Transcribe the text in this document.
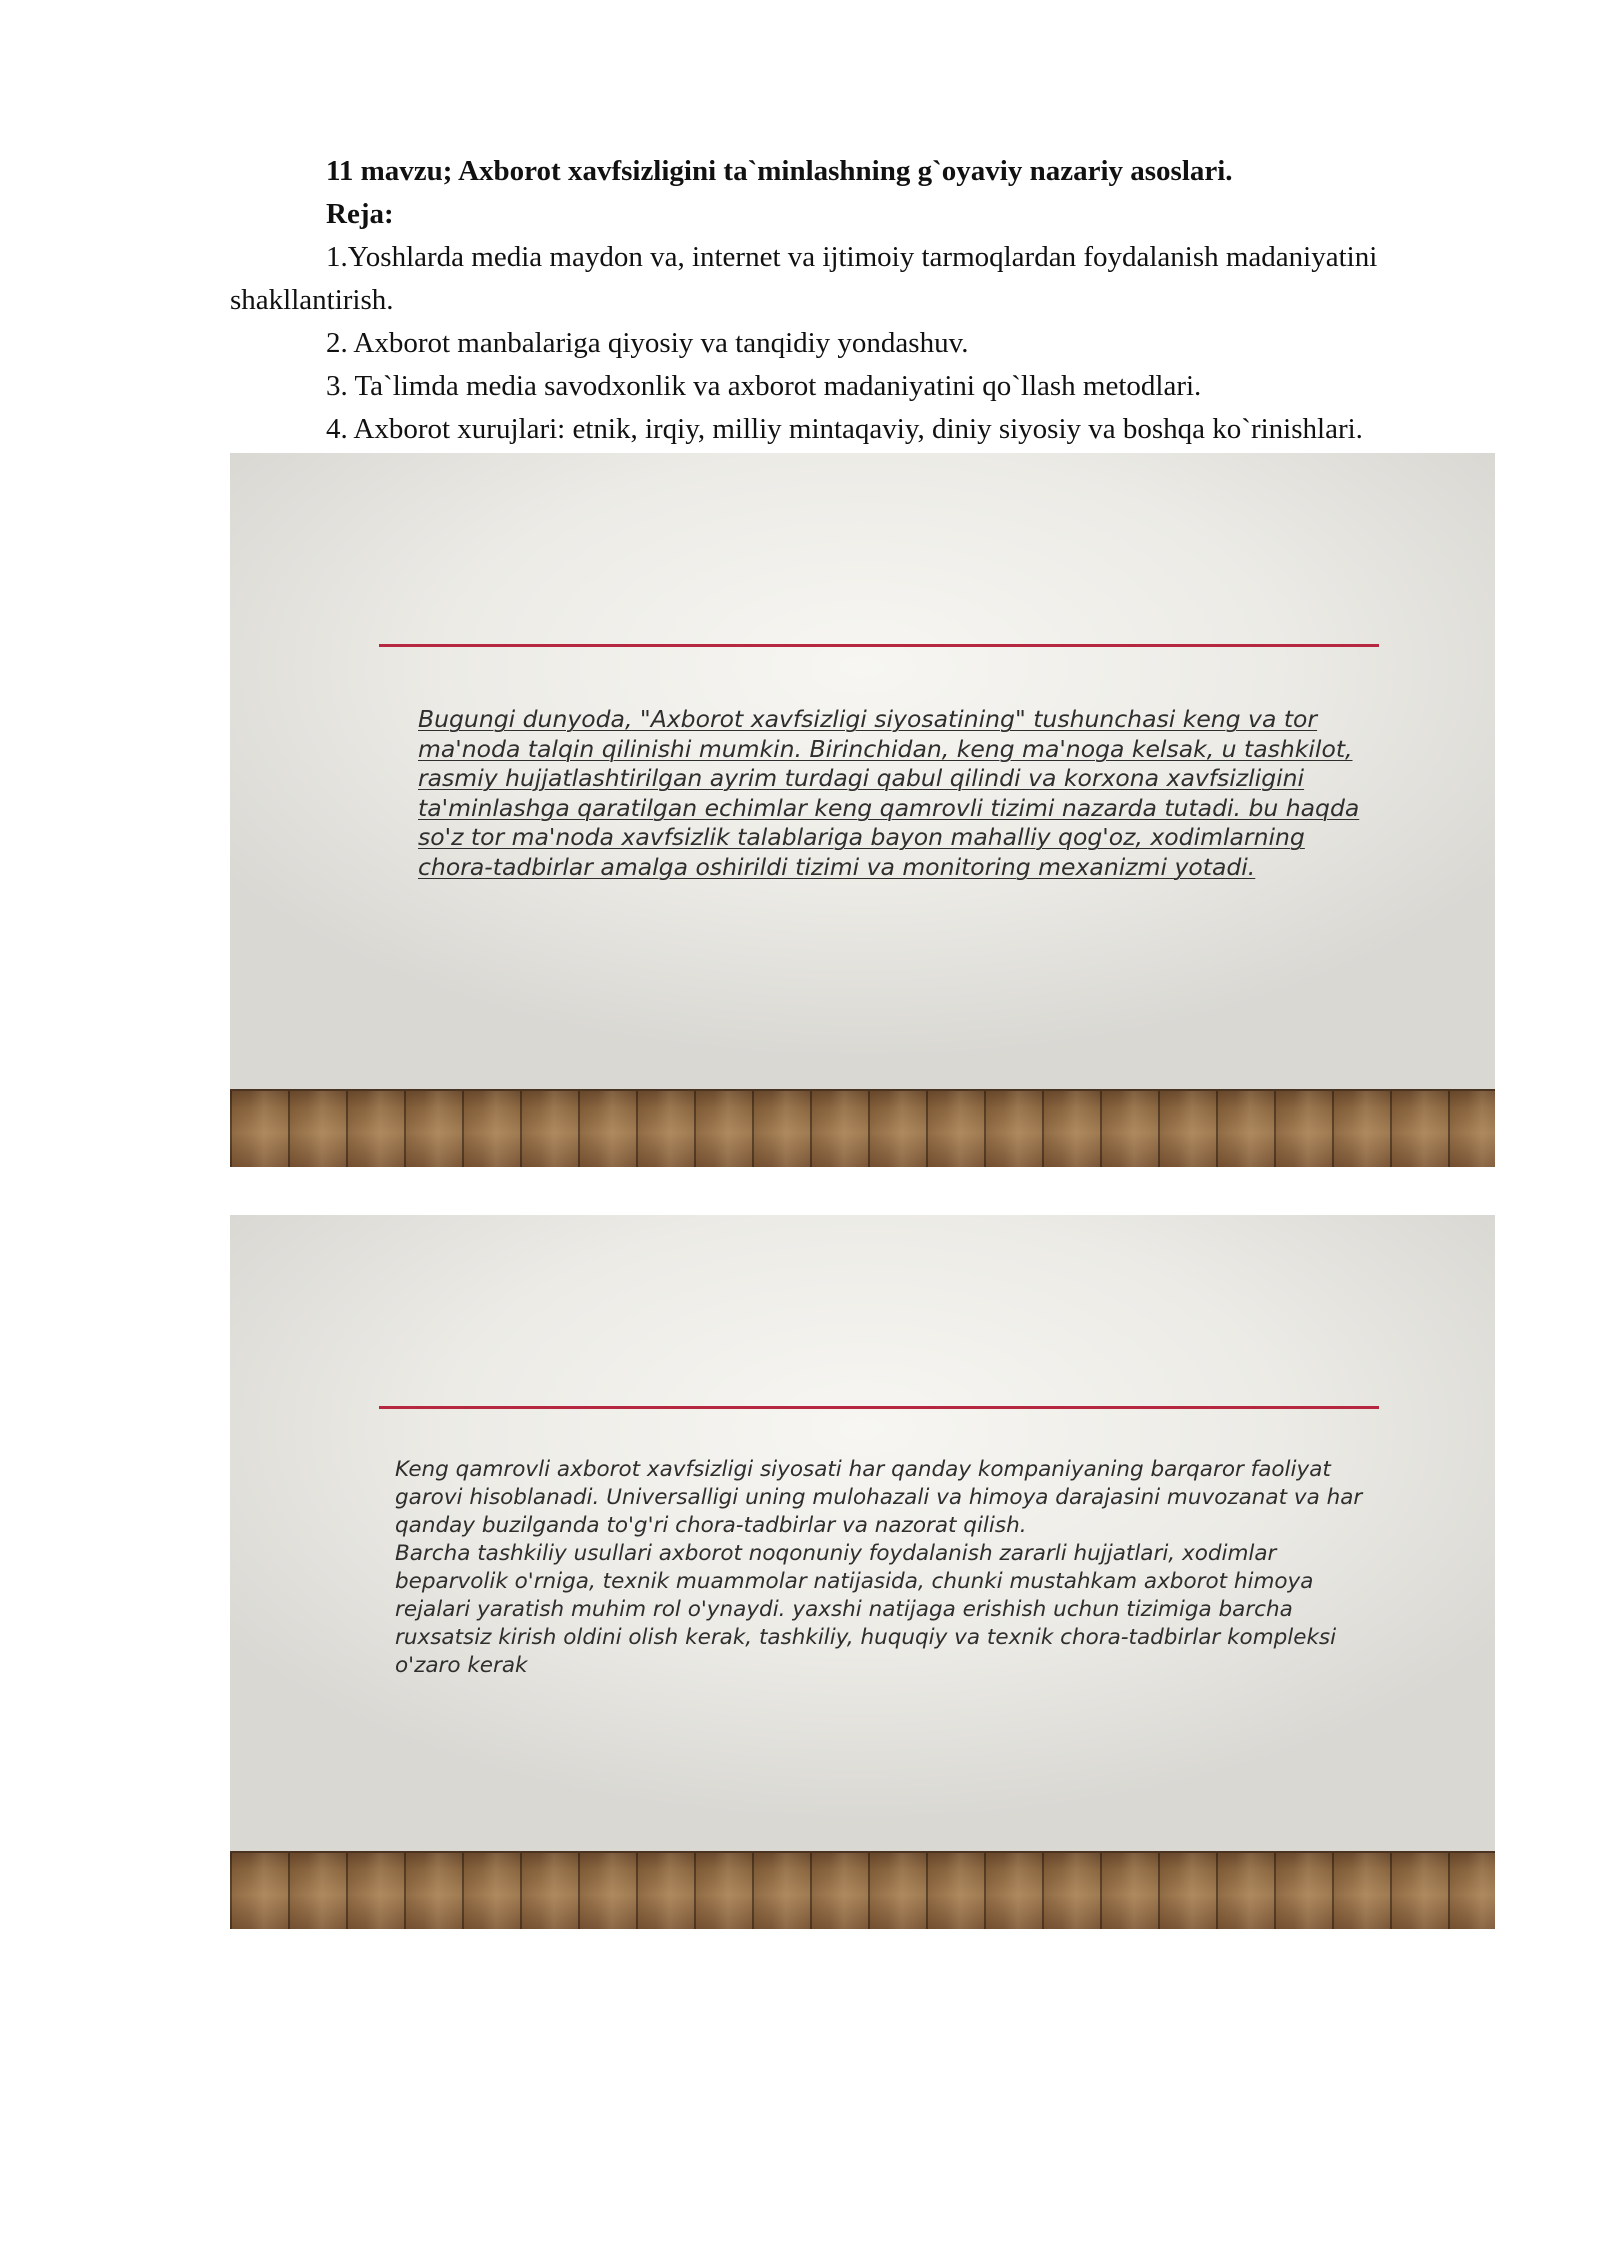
11 mavzu; Axborot xavfsizligini ta`minlashning g`oyaviy nazariy asoslari.

Reja:

1.Yoshlarda media maydon va, internet va ijtimoiy tarmoqlardan foydalanish madaniyatini shakllantirish.

2. Axborot manbalariga qiyosiy va tanqidiy yondashuv.

3. Ta`limda media savodxonlik va axborot madaniyatini qo`llash metodlari.

4. Axborot xurujlari: etnik, irqiy, milliy mintaqaviy, diniy siyosiy va boshqa ko`rinishlari.

Bugungi dunyoda, "Axborot xavfsizligi siyosatining" tushunchasi keng va tor ma'noda talqin qilinishi mumkin. Birinchidan, keng ma'noga kelsak, u tashkilot, rasmiy hujjatlashtirilgan ayrim turdagi qabul qilindi va korxona xavfsizligini ta'minlashga qaratilgan echimlar keng qamrovli tizimi nazarda tutadi. bu haqda so'z tor ma'noda xavfsizlik talablariga bayon mahalliy qog'oz, xodimlarning chora-tadbirlar amalga oshirildi tizimi va monitoring mexanizmi yotadi.
Keng qamrovli axborot xavfsizligi siyosati har qanday kompaniyaning barqaror faoliyat garovi hisoblanadi. Universalligi uning mulohazali va himoya darajasini muvozanat va har qanday buzilganda to'g'ri chora-tadbirlar va nazorat qilish.
Barcha tashkiliy usullari axborot noqonuniy foydalanish zararli hujjatlari, xodimlar beparvolik o'rniga, texnik muammolar natijasida, chunki mustahkam axborot himoya rejalari yaratish muhim rol o'ynaydi. yaxshi natijaga erishish uchun tizimiga barcha ruxsatsiz kirish oldini olish kerak, tashkiliy, huquqiy va texnik chora-tadbirlar kompleksi o'zaro kerak
